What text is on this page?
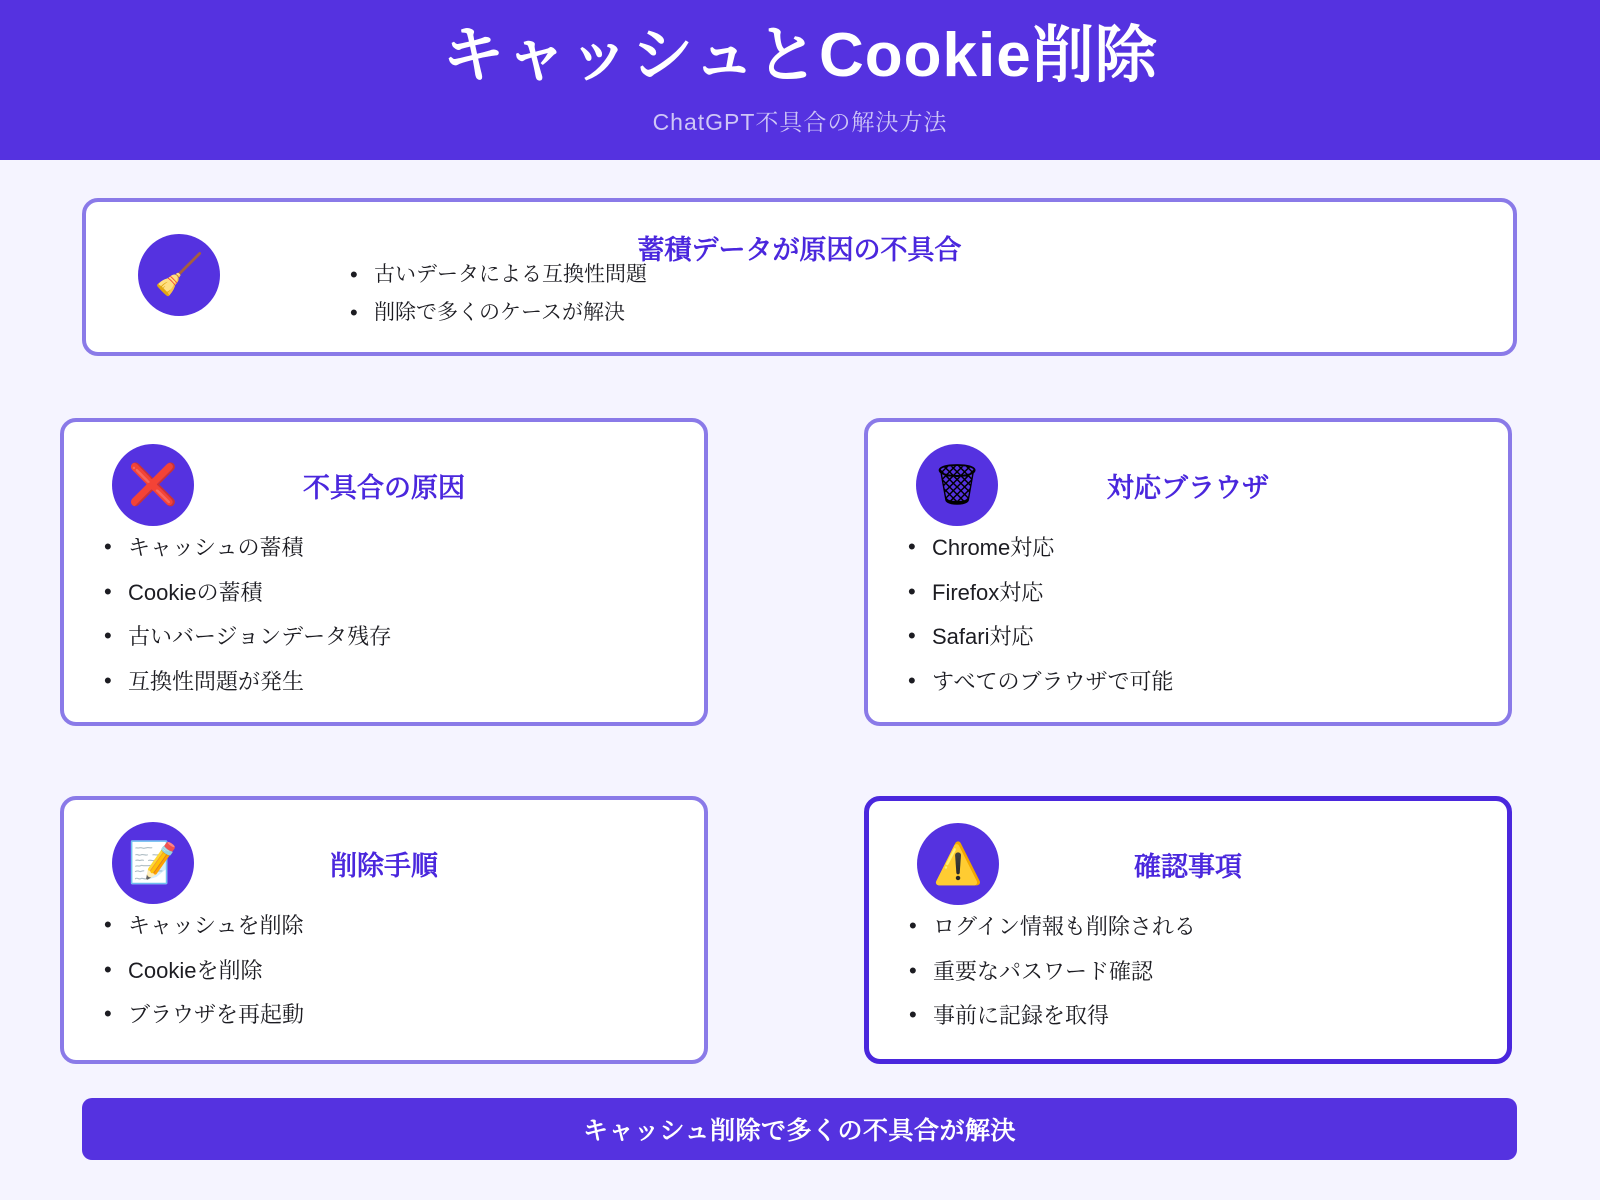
キャッシュとCookie削除
ChatGPT不具合の解決方法
🧹
蓄積データが原因の不具合
• 古いデータによる互換性問題
• 削除で多くのケースが解決
❌	不具合の原因
• キャッシュの蓄積
• Cookieの蓄積
• 古いバージョンデータ残存
• 互換性問題が発生
🗑	対応ブラウザ
• Chrome対応
• Firefox対応
• Safari対応
• すべてのブラウザで可能
📝	削除手順
• キャッシュを削除
• Cookieを削除
• ブラウザを再起動
⚠️	確認事項
• ログイン情報も削除される
• 重要なパスワード確認
• 事前に記録を取得
キャッシュ削除で多くの不具合が解決
